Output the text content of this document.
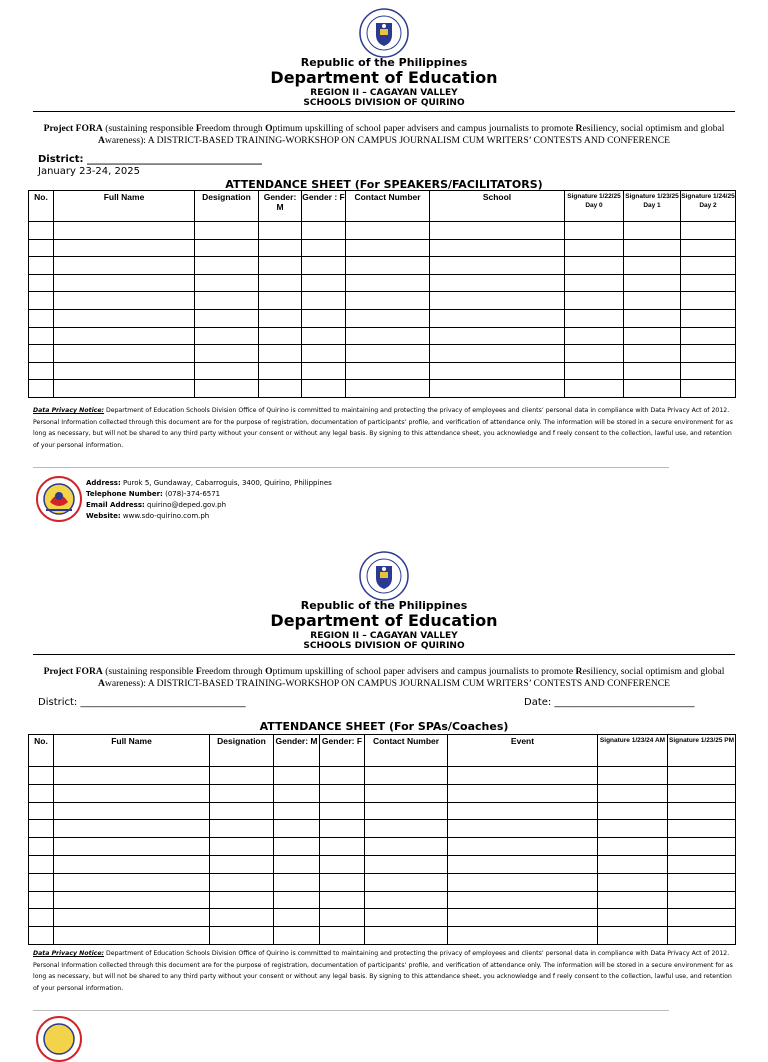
Republic of the Philippines
Department of Education
REGION II – CAGAYAN VALLEY
SCHOOLS DIVISION OF QUIRINO
Project FORA (sustaining responsible Freedom through Optimum upskilling of school paper advisers and campus journalists to promote Resiliency, social optimism and global Awareness): A DISTRICT-BASED TRAINING-WORKSHOP ON CAMPUS JOURNALISM CUM WRITERS’ CONTESTS AND CONFERENCE
District: ___________________________________
January 23-24, 2025
ATTENDANCE SHEET (For SPEAKERS/FACILITATORS)
No.	Full Name	Designation	Gender: M	Gender : F	Contact Number	School	Signature 1/22/25 Day 0	Signature 1/23/25 Day 1	Signature 1/24/25 Day 2

Data Privacy Notice: Department of Education Schools Division Office of Quirino is committed to maintaining and protecting the privacy of employees and clients’ personal data in compliance with Data Privacy Act of 2012. Personal Information collected through this document are for the purpose of registration, documentation of participants’ profile, and verification of attendance only. The information will be stored in a secure environment for as long as necessary, but will not be shared to any third party without your consent or without any legal basis. By signing to this attendance sheet, you acknowledge and f reely consent to the collection, lawful use, and retention of your personal information.
Address: Purok 5, Gundaway, Cabarroguis, 3400, Quirino, Philippines
Telephone Number: (078)-374-6571
Email Address: quirino@deped.gov.ph
Website: www.sdo-quirino.com.ph
Republic of the Philippines
Department of Education
REGION II – CAGAYAN VALLEY
SCHOOLS DIVISION OF QUIRINO
Project FORA (sustaining responsible Freedom through Optimum upskilling of school paper advisers and campus journalists to promote Resiliency, social optimism and global Awareness): A DISTRICT-BASED TRAINING-WORKSHOP ON CAMPUS JOURNALISM CUM WRITERS’ CONTESTS AND CONFERENCE
District: _________________________________	Date: ____________________________
ATTENDANCE SHEET (For SPAs/Coaches)
No.	Full Name	Designation	Gender: M	Gender: F	Contact Number	Event	Signature 1/23/24 AM	Signature 1/23/25 PM

Data Privacy Notice: Department of Education Schools Division Office of Quirino is committed to maintaining and protecting the privacy of employees and clients’ personal data in compliance with Data Privacy Act of 2012. Personal Information collected through this document are for the purpose of registration, documentation of participants’ profile, and verification of attendance only. The information will be stored in a secure environment for as long as necessary, but will not be shared to any third party without your consent or without any legal basis. By signing to this attendance sheet, you acknowledge and f reely consent to the collection, lawful use, and retention of your personal information.
